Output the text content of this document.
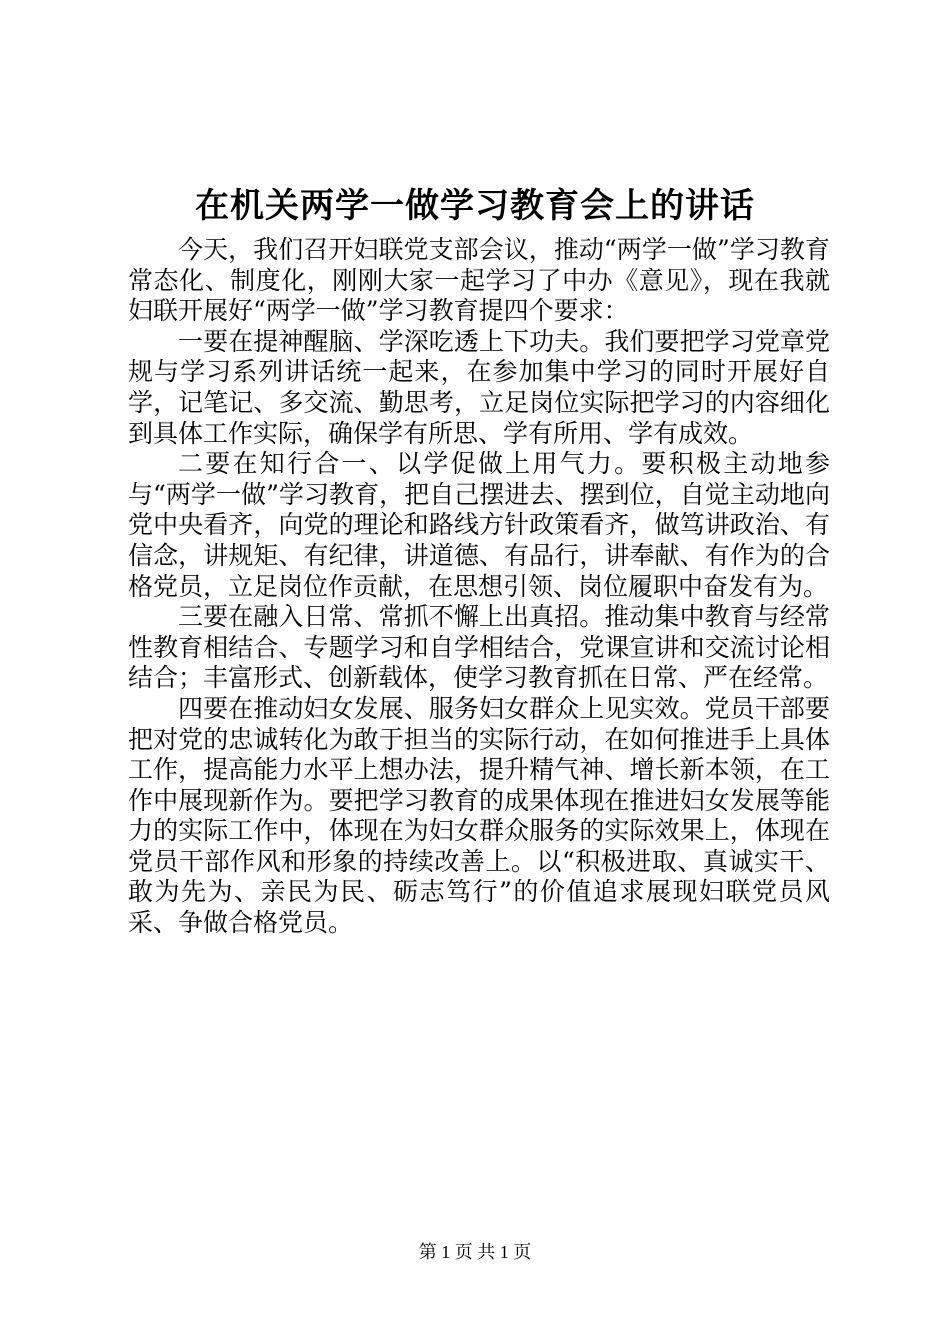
在机关两学一做学习教育会上的讲话

今天，我们召开妇联党支部会议，推动“两学一做”学习教育常态化、制度化，刚刚大家一起学习了中办《意见》，现在我就妇联开展好“两学一做”学习教育提四个要求：

一要在提神醒脑、学深吃透上下功夫。我们要把学习党章党规与学习系列讲话统一起来，在参加集中学习的同时开展好自学，记笔记、多交流、勤思考，立足岗位实际把学习的内容细化到具体工作实际，确保学有所思、学有所用、学有成效。

二要在知行合一、以学促做上用气力。要积极主动地参与“两学一做”学习教育，把自己摆进去、摆到位，自觉主动地向党中央看齐，向党的理论和路线方针政策看齐，做笃讲政治、有信念，讲规矩、有纪律，讲道德、有品行，讲奉献、有作为的合格党员，立足岗位作贡献，在思想引领、岗位履职中奋发有为。

三要在融入日常、常抓不懈上出真招。推动集中教育与经常性教育相结合、专题学习和自学相结合，党课宣讲和交流讨论相结合；丰富形式、创新载体，使学习教育抓在日常、严在经常。

四要在推动妇女发展、服务妇女群众上见实效。党员干部要把对党的忠诚转化为敢于担当的实际行动，在如何推进手上具体工作，提高能力水平上想办法，提升精气神、增长新本领，在工作中展现新作为。要把学习教育的成果体现在推进妇女发展等能力的实际工作中，体现在为妇女群众服务的实际效果上，体现在党员干部作风和形象的持续改善上。以“积极进取、真诚实干、敢为先为、亲民为民、砺志笃行”的价值追求展现妇联党员风采、争做合格党员。

第 1 页 共 1 页
